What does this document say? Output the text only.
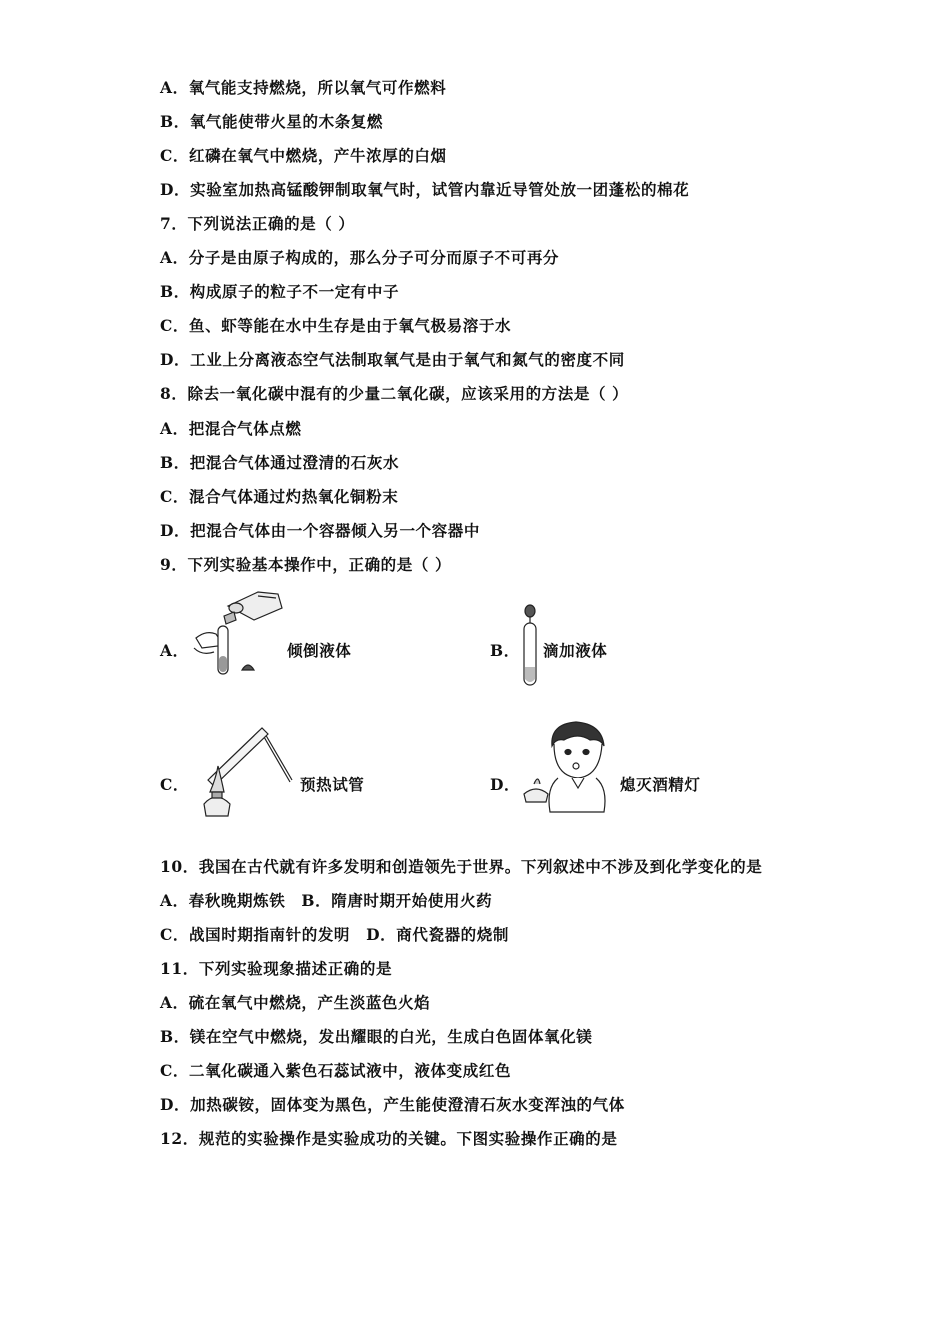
A．氧气能支持燃烧，所以氧气可作燃料
B．氧气能使带火星的木条复燃
C．红磷在氧气中燃烧，产牛浓厚的白烟
D．实验室加热高锰酸钾制取氧气时，试管内靠近导管处放一团蓬松的棉花
7．下列说法正确的是（ ）
A．分子是由原子构成的，那么分子可分而原子不可再分
B．构成原子的粒子不一定有中子
C．鱼、虾等能在水中生存是由于氧气极易溶于水
D．工业上分离液态空气法制取氧气是由于氧气和氮气的密度不同
8．除去一氧化碳中混有的少量二氧化碳，应该采用的方法是（ ）
A．把混合气体点燃
B．把混合气体通过澄清的石灰水
C．混合气体通过灼热氧化铜粉末
D．把混合气体由一个容器倾入另一个容器中
9．下列实验基本操作中，正确的是（ ）
A．	倾倒液体	B． 滴加液体
C．	预热试管	D．	熄灭酒精灯
10．我国在古代就有许多发明和创造领先于世界。下列叙述中不涉及到化学变化的是
A．春秋晚期炼铁　B．隋唐时期开始使用火药
C．战国时期指南针的发明　D．商代瓷器的烧制
11．下列实验现象描述正确的是
A．硫在氧气中燃烧，产生淡蓝色火焰
B．镁在空气中燃烧，发出耀眼的白光，生成白色固体氧化镁
C．二氧化碳通入紫色石蕊试液中，液体变成红色
D．加热碳铵，固体变为黑色，产生能使澄清石灰水变浑浊的气体
12．规范的实验操作是实验成功的关键。下图实验操作正确的是
